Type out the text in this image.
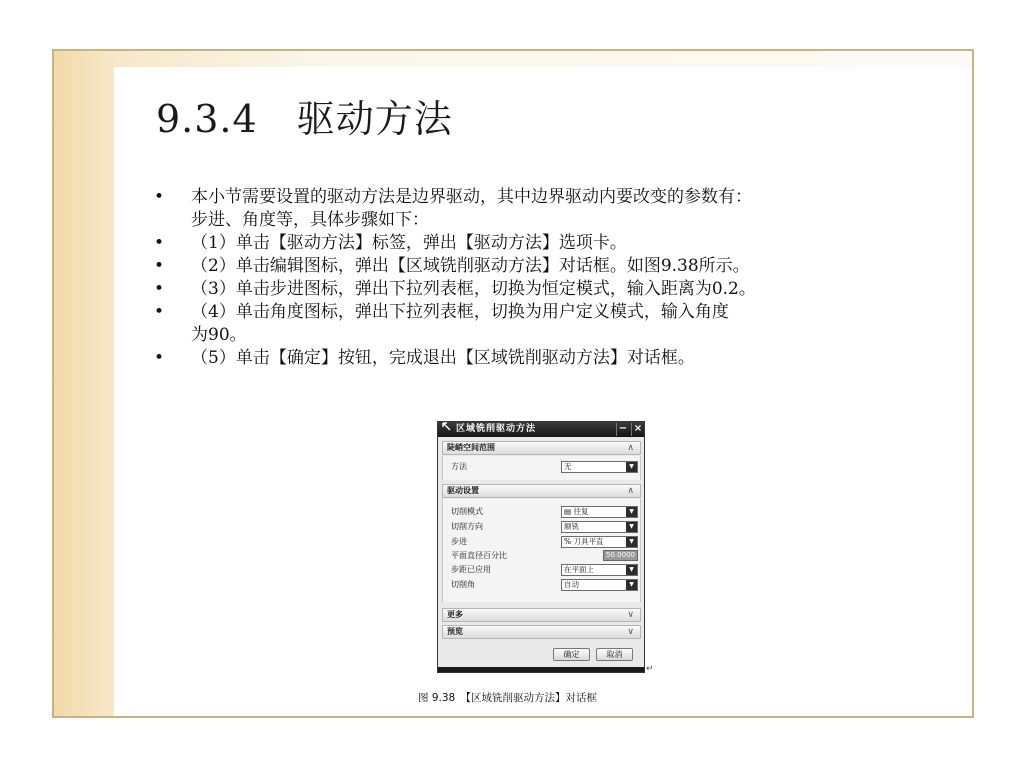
9.3.4　驱动方法
• 本小节需要设置的驱动方法是边界驱动，其中边界驱动内要改变的参数有：
步进、角度等，具体步骤如下：
• （1）单击【驱动方法】标签，弹出【驱动方法】选项卡。
• （2）单击编辑图标，弹出【区域铣削驱动方法】对话框。如图9.38所示。
• （3）单击步进图标，弹出下拉列表框，切换为恒定模式，输入距离为0.2。
• （4）单击角度图标，弹出下拉列表框，切换为用户定义模式，输入角度
为90。
• （5）单击【确定】按钮，完成退出【区域铣削驱动方法】对话框。
区域铣削驱动方法	− ×
陡峭空间范围	∧
方法	无	▼
驱动设置	∧
切削模式	▤ 往复	▼
切削方向	顺铣	▼
步进	% 刀具平直	▼
平面直径百分比	50.0000
步距已应用	在平面上	▼
切削角	自动	▼
更多	∨
预览	∨
确定	取消
↵
图 9.38　【区域铣削驱动方法】对话框
